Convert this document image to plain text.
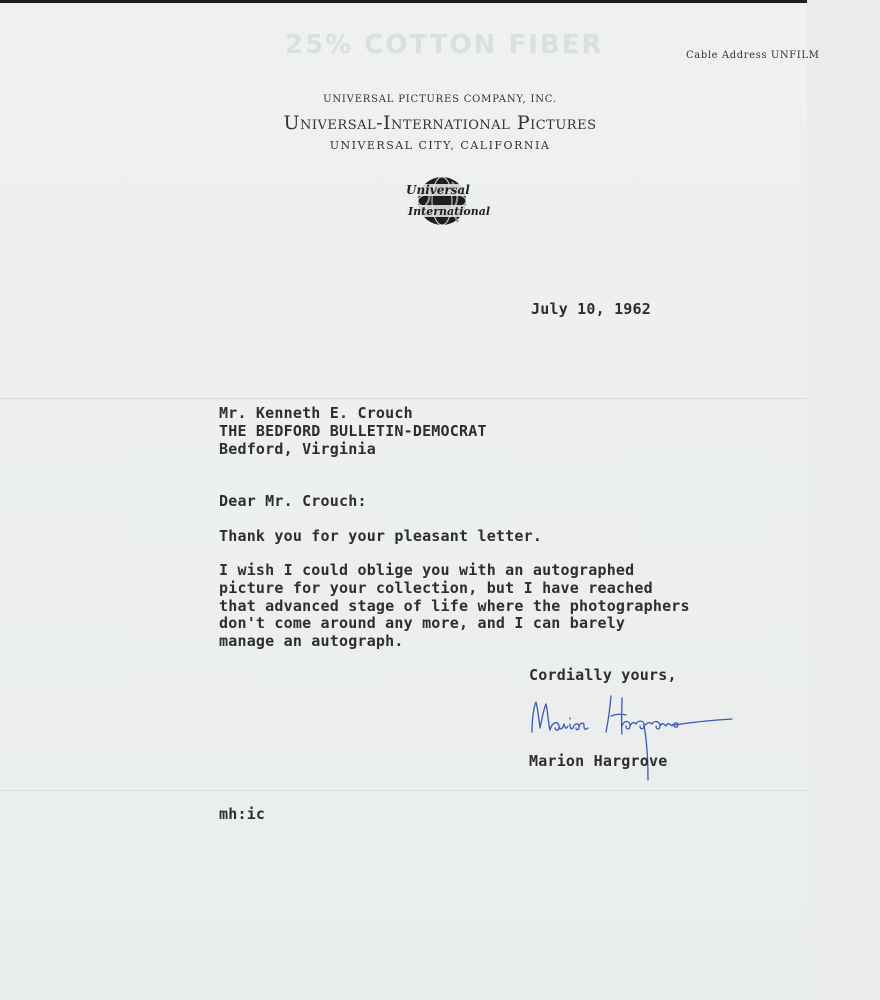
25% COTTON FIBER	Cable Address UNFILM
UNIVERSAL PICTURES COMPANY, INC.
Universal-International Pictures
UNIVERSAL CITY, CALIFORNIA
Universal
International
July 10, 1962
Mr. Kenneth E. Crouch
THE BEDFORD BULLETIN-DEMOCRAT
Bedford, Virginia
Dear Mr. Crouch:
Thank you for your pleasant letter.
I wish I could oblige you with an autographed
picture for your collection, but I have reached
that advanced stage of life where the photographers
don't come around any more, and I can barely
manage an autograph.
Cordially yours,
Marion Hargrove
mh:ic
